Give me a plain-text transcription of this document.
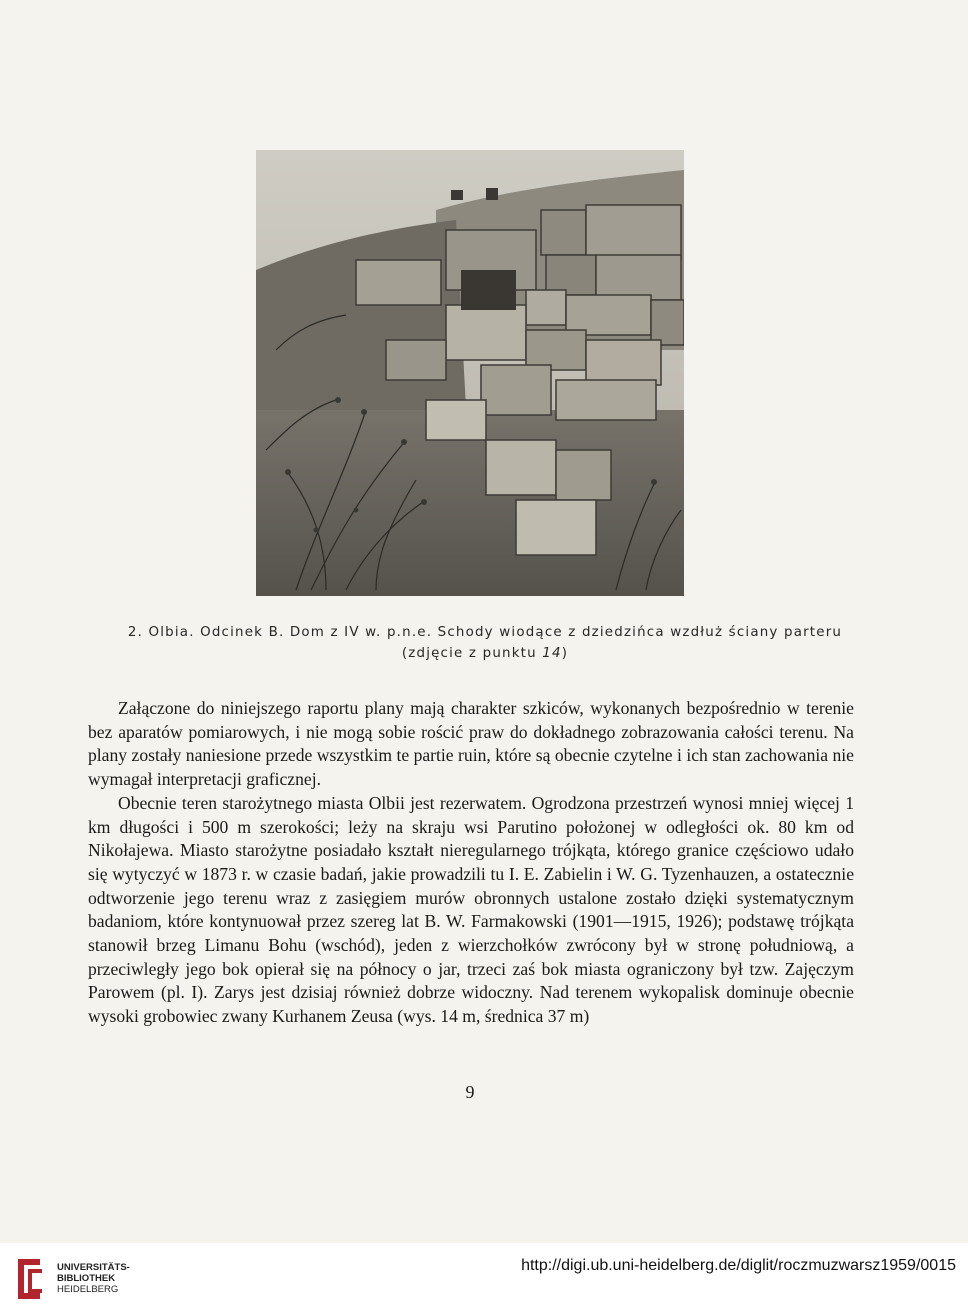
2. Olbia. Odcinek B. Dom z IV w. p.n.e. Schody wiodące z dziedzińca wzdłuż ściany parteru
(zdjęcie z punktu 14)

Załączone do niniejszego raportu plany mają charakter szkiców, wykonanych bezpośrednio w terenie bez aparatów pomiarowych, i nie mogą sobie rościć praw do dokładnego zobrazowania całości terenu. Na plany zostały naniesione przede wszystkim te partie ruin, które są obecnie czytelne i ich stan zachowania nie wymagał interpretacji graficznej.

Obecnie teren starożytnego miasta Olbii jest rezerwatem. Ogrodzona przestrzeń wynosi mniej więcej 1 km długości i 500 m szerokości; leży na skraju wsi Parutino położonej w odległości ok. 80 km od Nikołajewa. Miasto starożytne posiadało kształt nieregularnego trójkąta, którego granice częściowo udało się wytyczyć w 1873 r. w czasie badań, jakie prowadzili tu I. E. Zabielin i W. G. Tyzenhauzen, a ostatecznie odtworzenie jego terenu wraz z zasięgiem murów obronnych ustalone zostało dzięki systematycznym badaniom, które kontynuował przez szereg lat B. W. Farmakowski (1901—1915, 1926); podstawę trójkąta stanowił brzeg Limanu Bohu (wschód), jeden z wierzchołków zwrócony był w stronę południową, a przeciwległy jego bok opierał się na północy o jar, trzeci zaś bok miasta ograniczony był tzw. Zajęczym Parowem (pl. I). Zarys jest dzisiaj również dobrze widoczny. Nad terenem wykopalisk dominuje obecnie wysoki grobowiec zwany Kurhanem Zeusa (wys. 14 m, średnica 37 m)

9
UNIVERSITÄTS-
BIBLIOTHEK
HEIDELBERG
http://digi.ub.uni-heidelberg.de/diglit/roczmuzwarsz1959/0015
